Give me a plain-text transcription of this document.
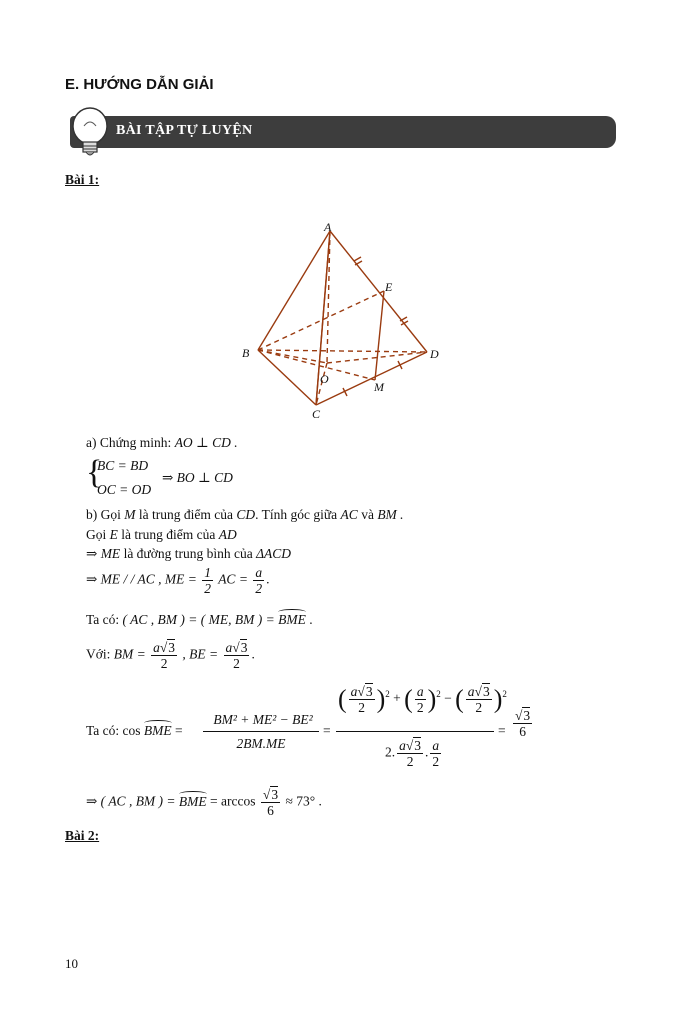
E. HƯỚNG DẪN GIẢI
BÀI TẬP TỰ LUYỆN
Bài 1:
A
B
C
D
E
M
O
a) Chứng minh: AO ⊥ CD .
{
BC = BD
OC = OD
⇒ BO ⊥ CD
b) Gọi M là trung điểm của CD. Tính góc giữa AC và BM .
Gọi E là trung điểm của AD
⇒ ME là đường trung bình của ΔACD
⇒ ME / / AC , ME = $\frac{1}{2}$ AC = $\frac{a}{2}$ .
Ta có: ( AC , BM ) = ( ME, BM ) = BME .
Với: BM = $\frac{a√3}{2}$ , BE = $\frac{a√3}{2}$ .
Ta có: cos BME =
BM² + ME² − BE²
2BM.ME
=
( $\frac{a√3}{2} )^2$ + ( $\frac{a}{2} )^2$ − ( $\frac{a√3}{2} )^2$
2. $\frac{a√3}{2}$ . $\frac{a}{2}$
= $\frac{√3}{6}$
⇒ ( AC , BM ) = BME = $\arccos \frac{√3}{6} \approx 73^\circ$ .
Bài 2:
10
